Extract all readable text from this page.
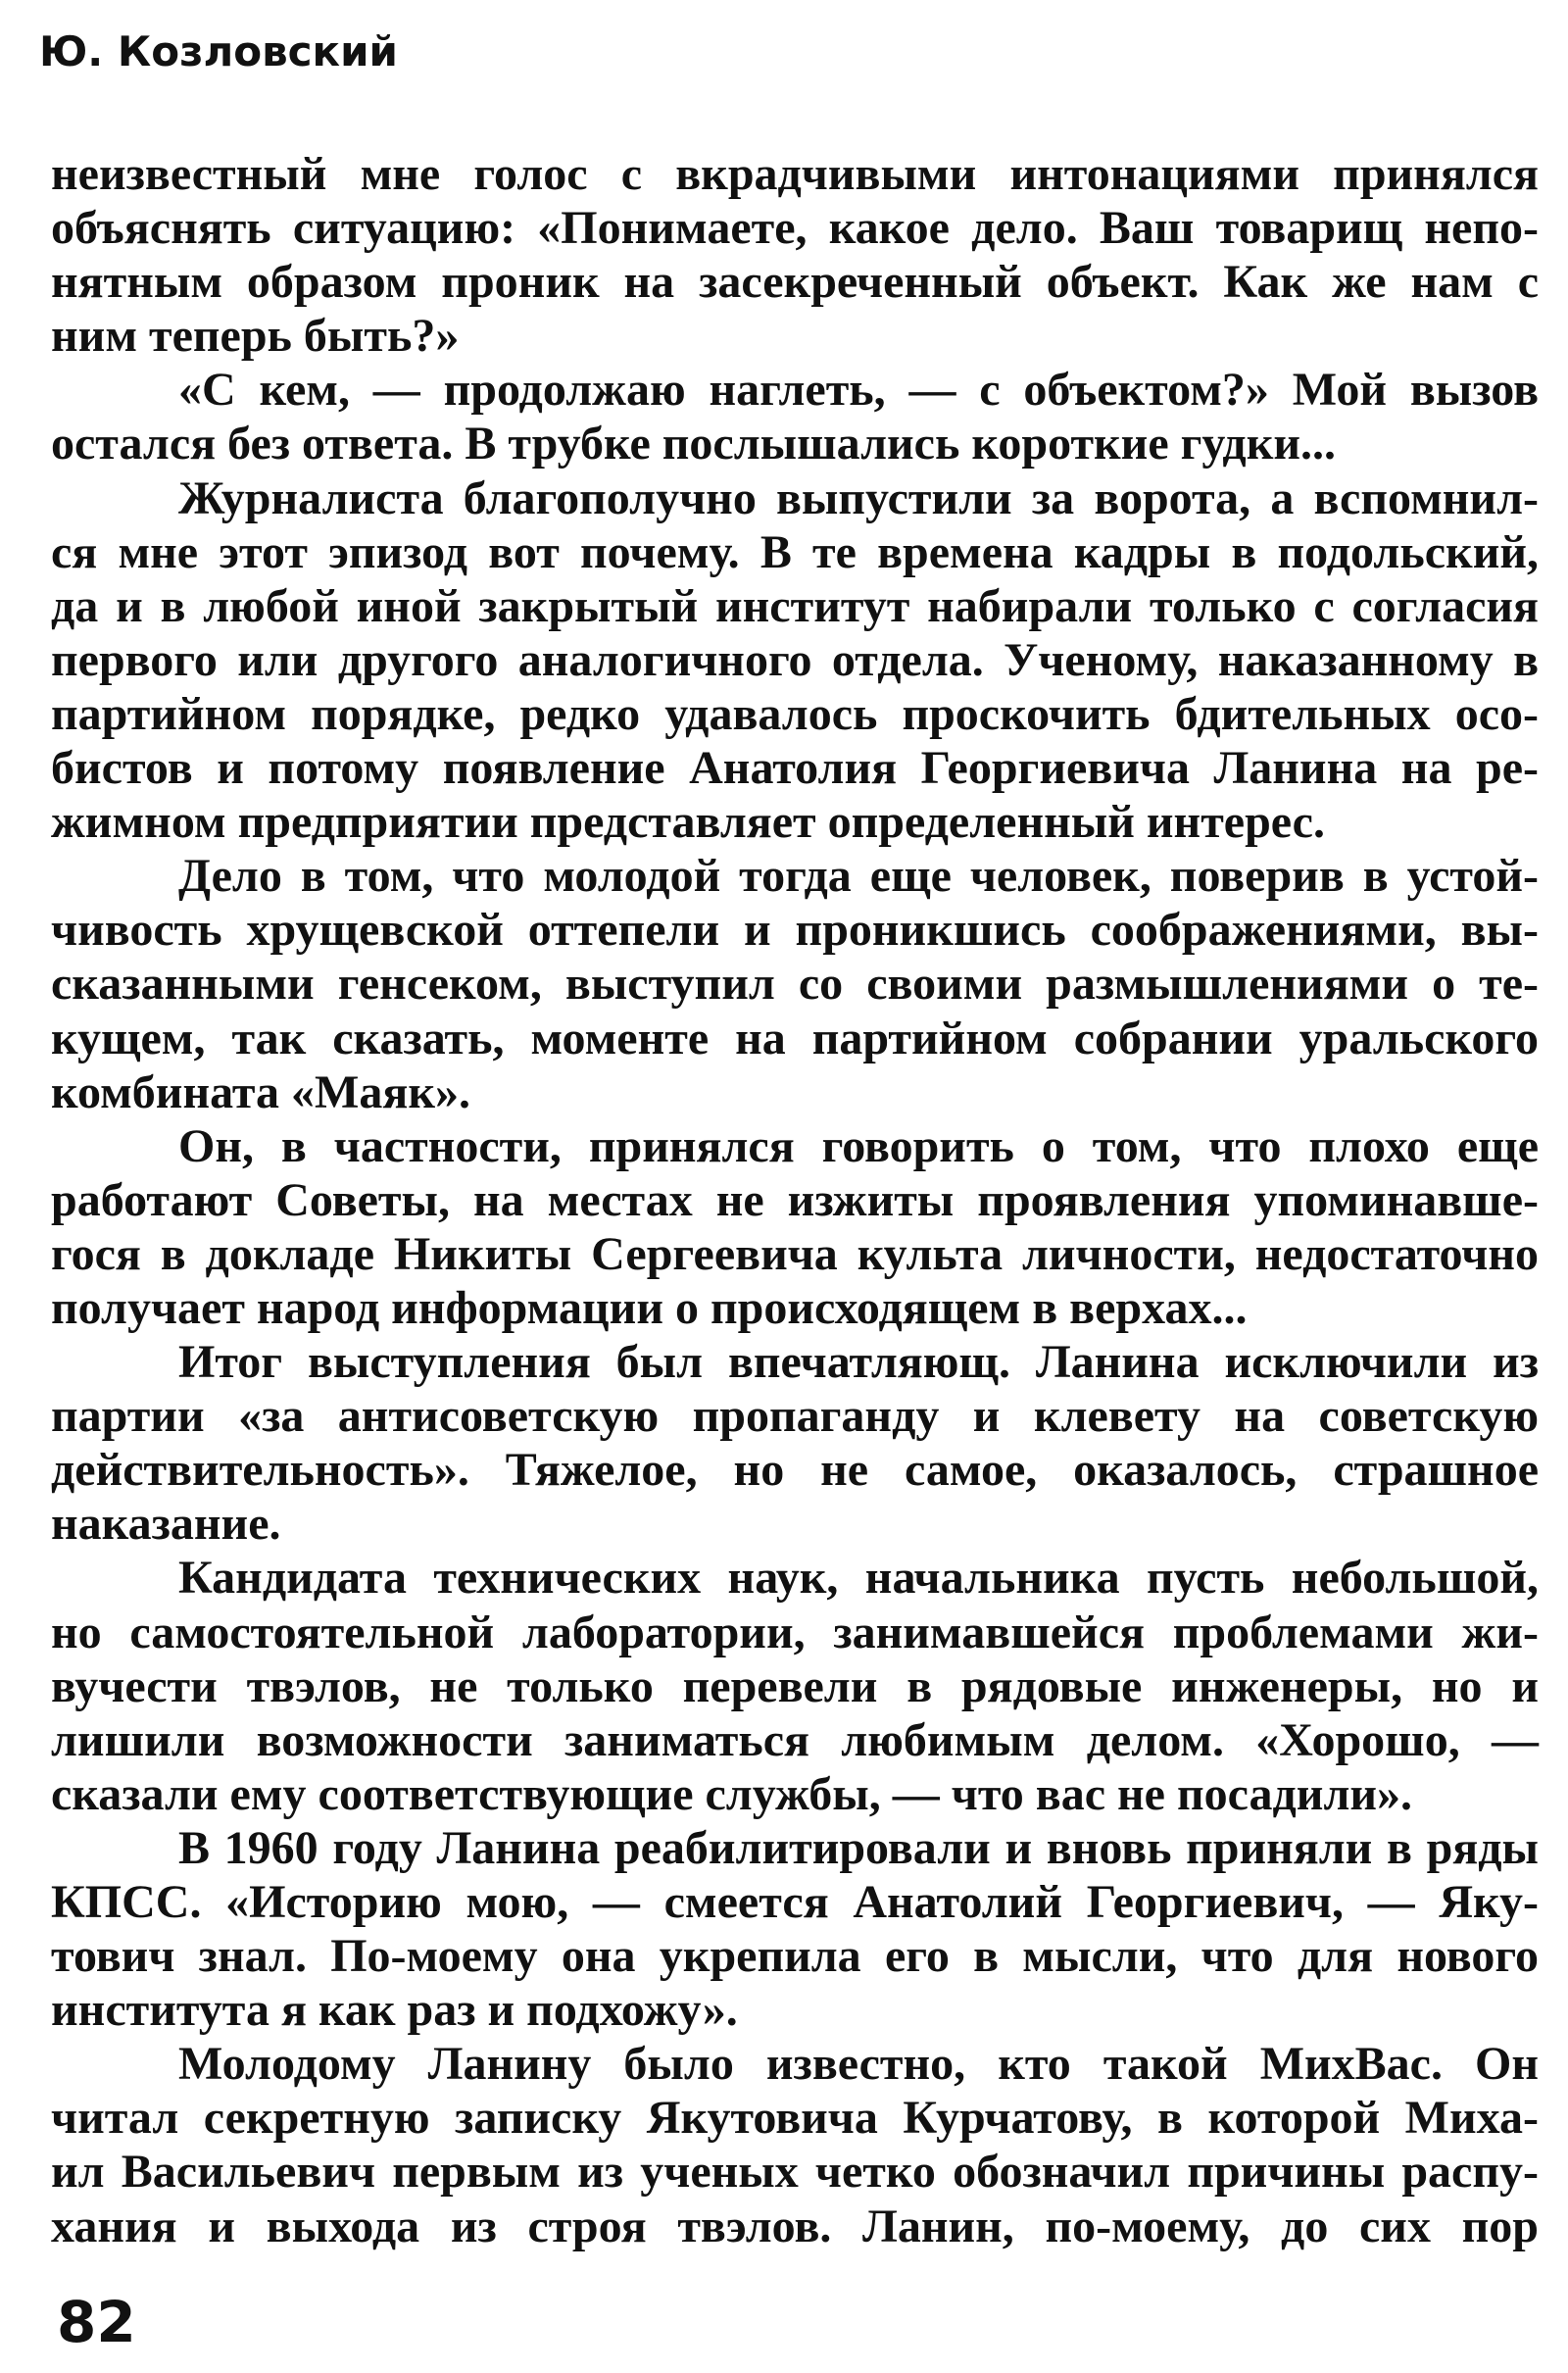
Ю. Козловский
неизвестный мне голос с вкрадчивыми интонациями принялся
объяснять ситуацию: «Понимаете, какое дело. Ваш товарищ непо-
нятным образом проник на засекреченный объект. Как же нам с
ним теперь быть?»
«С кем, — продолжаю наглеть, — с объектом?» Мой вызов
остался без ответа. В трубке послышались короткие гудки...
Журналиста благополучно выпустили за ворота, а вспомнил-
ся мне этот эпизод вот почему. В те времена кадры в подольский,
да и в любой иной закрытый институт набирали только с согласия
первого или другого аналогичного отдела. Ученому, наказанному в
партийном порядке, редко удавалось проскочить бдительных осо-
бистов и потому появление Анатолия Георгиевича Ланина на ре-
жимном предприятии представляет определенный интерес.
Дело в том, что молодой тогда еще человек, поверив в устой-
чивость хрущевской оттепели и проникшись соображениями, вы-
сказанными генсеком, выступил со своими размышлениями о те-
кущем, так сказать, моменте на партийном собрании уральского
комбината «Маяк».
Он, в частности, принялся говорить о том, что плохо еще
работают Советы, на местах не изжиты проявления упоминавше-
гося в докладе Никиты Сергеевича культа личности, недостаточно
получает народ информации о происходящем в верхах...
Итог выступления был впечатляющ. Ланина исключили из
партии «за антисоветскую пропаганду и клевету на советскую
действительность». Тяжелое, но не самое, оказалось, страшное
наказание.
Кандидата технических наук, начальника пусть небольшой,
но самостоятельной лаборатории, занимавшейся проблемами жи-
вучести твэлов, не только перевели в рядовые инженеры, но и
лишили возможности заниматься любимым делом. «Хорошо, —
сказали ему соответствующие службы, — что вас не посадили».
В 1960 году Ланина реабилитировали и вновь приняли в ряды
КПСС. «Историю мою, — смеется Анатолий Георгиевич, — Яку-
тович знал. По-моему она укрепила его в мысли, что для нового
института я как раз и подхожу».
Молодому Ланину было известно, кто такой МихВас. Он
читал секретную записку Якутовича Курчатову, в которой Миха-
ил Васильевич первым из ученых четко обозначил причины распу-
хания и выхода из строя твэлов. Ланин, по-моему, до сих пор
82
